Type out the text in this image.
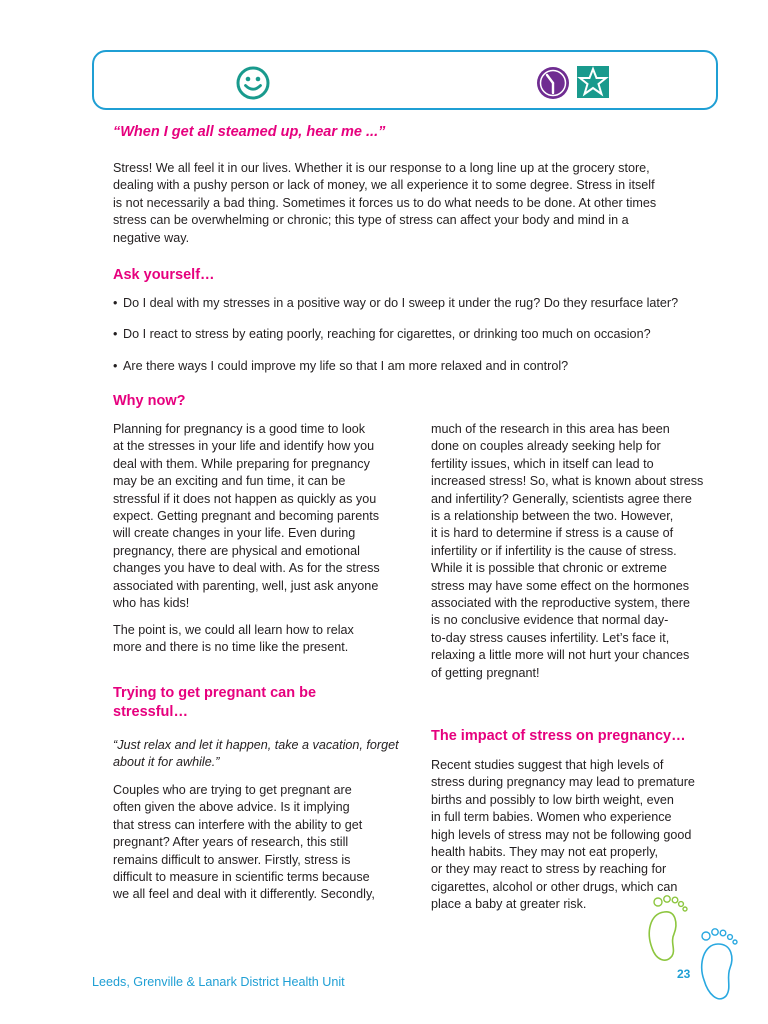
“When I get all steamed up, hear me ...”

Stress! We all feel it in our lives. Whether it is our response to a long line up at the grocery store,
dealing with a pushy person or lack of money, we all experience it to some degree. Stress in itself
is not necessarily a bad thing. Sometimes it forces us to do what needs to be done. At other times
stress can be overwhelming or chronic; this type of stress can affect your body and mind in a
negative way.

Ask yourself…

• Do I deal with my stresses in a positive way or do I sweep it under the rug? Do they resurface later?

• Do I react to stress by eating poorly, reaching for cigarettes, or drinking too much on occasion?

• Are there ways I could improve my life so that I am more relaxed and in control?

Why now?

Planning for pregnancy is a good time to look
at the stresses in your life and identify how you
deal with them. While preparing for pregnancy
may be an exciting and fun time, it can be
stressful if it does not happen as quickly as you
expect. Getting pregnant and becoming parents
will create changes in your life. Even during
pregnancy, there are physical and emotional
changes you have to deal with. As for the stress
associated with parenting, well, just ask anyone
who has kids!

The point is, we could all learn how to relax
more and there is no time like the present.

Trying to get pregnant can be
stressful…

“Just relax and let it happen, take a vacation, forget
about it for awhile.”

Couples who are trying to get pregnant are
often given the above advice. Is it implying
that stress can interfere with the ability to get
pregnant? After years of research, this still
remains difficult to answer. Firstly, stress is
difficult to measure in scientific terms because
we all feel and deal with it differently. Secondly,

much of the research in this area has been
done on couples already seeking help for
fertility issues, which in itself can lead to
increased stress! So, what is known about stress
and infertility? Generally, scientists agree there
is a relationship between the two. However,
it is hard to determine if stress is a cause of
infertility or if infertility is the cause of stress.
While it is possible that chronic or extreme
stress may have some effect on the hormones
associated with the reproductive system, there
is no conclusive evidence that normal day-
to-day stress causes infertility. Let’s face it,
relaxing a little more will not hurt your chances
of getting pregnant!

The impact of stress on pregnancy…

Recent studies suggest that high levels of
stress during pregnancy may lead to premature
births and possibly to low birth weight, even
in full term babies. Women who experience
high levels of stress may not be following good
health habits. They may not eat properly,
or they may react to stress by reaching for
cigarettes, alcohol or other drugs, which can
place a baby at greater risk.

23
Leeds, Grenville & Lanark District Health Unit
